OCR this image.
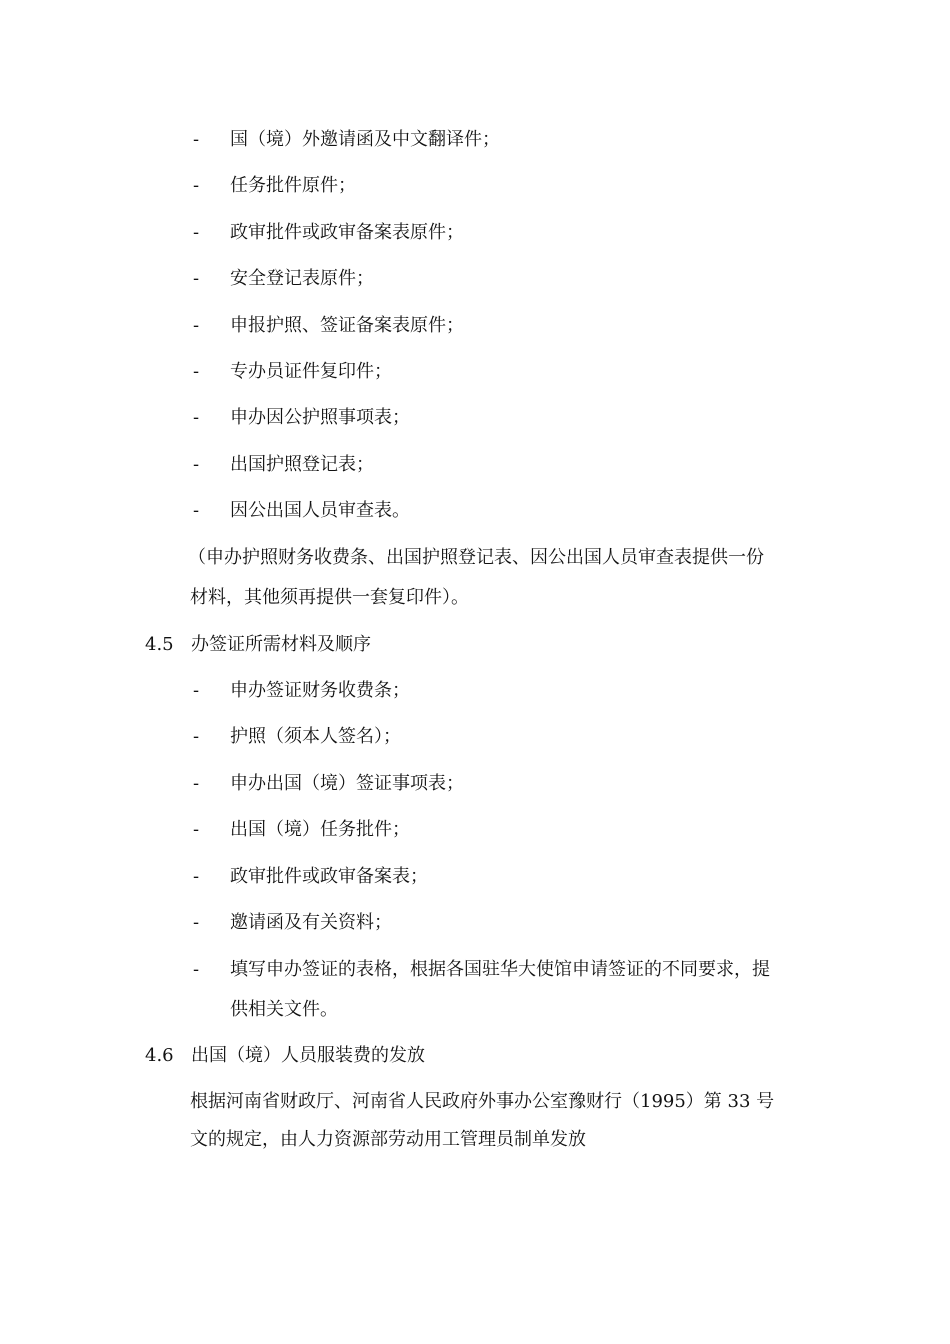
- 国（境）外邀请函及中文翻译件；
- 任务批件原件；
- 政审批件或政审备案表原件；
- 安全登记表原件；
- 申报护照、签证备案表原件；
- 专办员证件复印件；
- 申办因公护照事项表；
- 出国护照登记表；
- 因公出国人员审查表。
（申办护照财务收费条、出国护照登记表、因公出国人员审查表提供一份
材料，其他须再提供一套复印件）。
4.5 办签证所需材料及顺序
- 申办签证财务收费条；
- 护照（须本人签名）；
- 申办出国（境）签证事项表；
- 出国（境）任务批件；
- 政审批件或政审备案表；
- 邀请函及有关资料；
- 填写申办签证的表格，根据各国驻华大使馆申请签证的不同要求，提
供相关文件。
4.6 出国（境）人员服装费的发放
根据河南省财政厅、河南省人民政府外事办公室豫财行（1995）第 33 号
文的规定，由人力资源部劳动用工管理员制单发放
